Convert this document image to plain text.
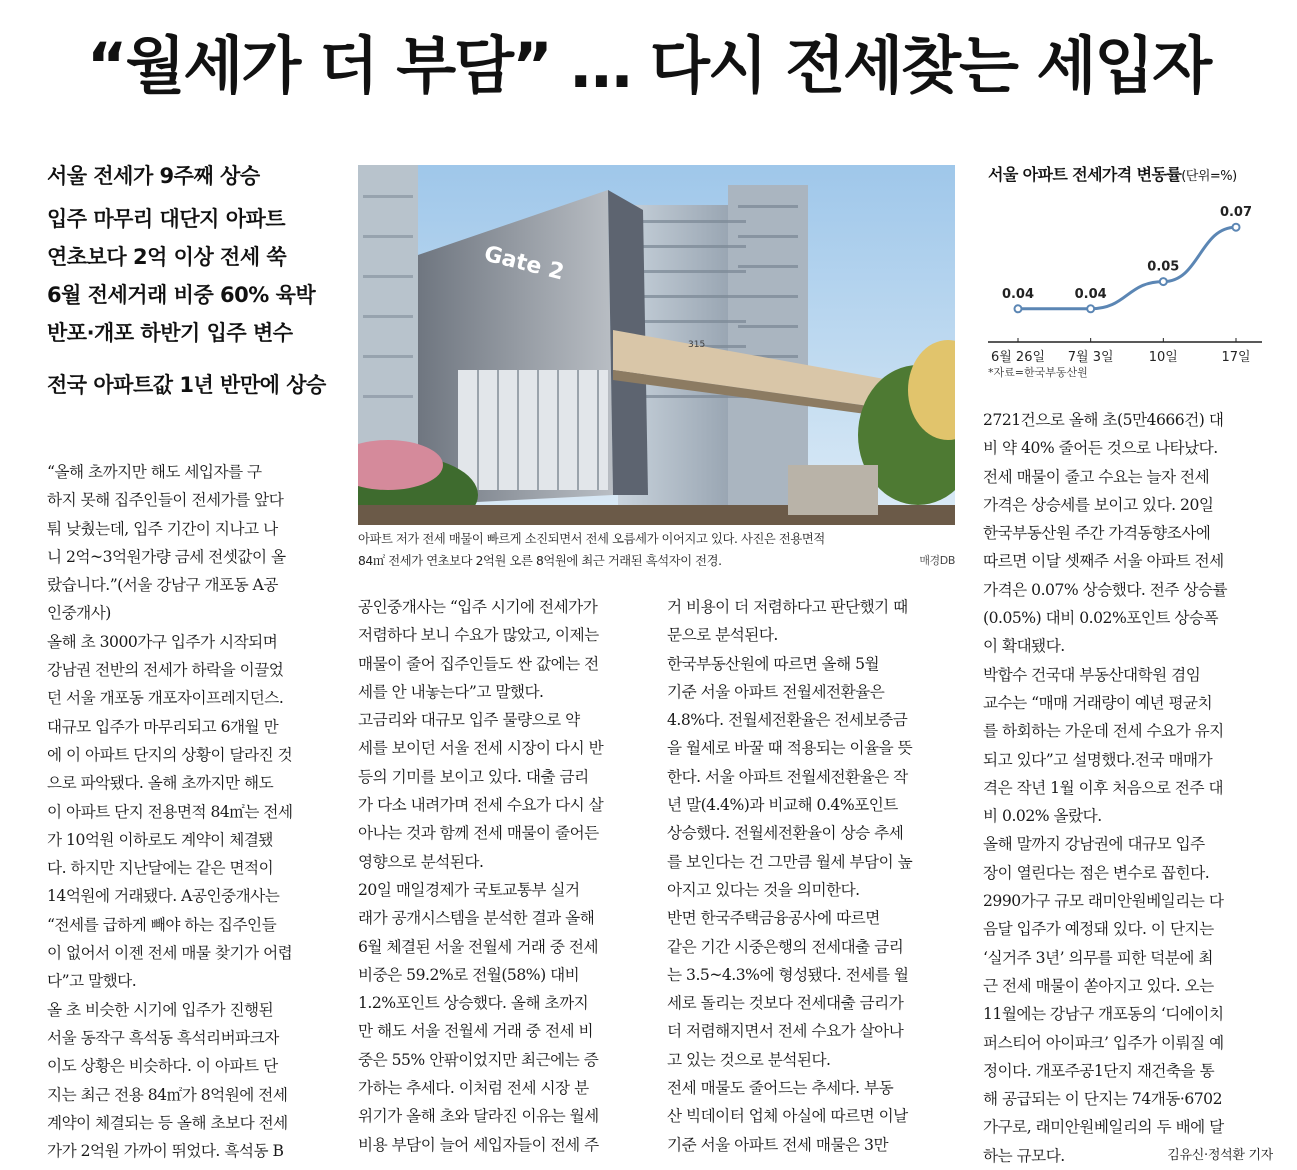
“월세가 더 부담” … 다시 전세찾는 세입자
서울 전세가 9주째 상승
입주 마무리 대단지 아파트
연초보다 2억 이상 전세 쑥
6월 전세거래 비중 60% 육박
반포·개포 하반기 입주 변수
전국 아파트값 1년 반만에 상승
Gate 2
315
아파트 저가 전세 매물이 빠르게 소진되면서 전세 오름세가 이어지고 있다. 사진은 전용면적
84㎡ 전세가 연초보다 2억원 오른 8억원에 최근 거래된 흑석자이 전경.	매경DB
0.04
6월 26일
0.04
7월 3일
0.05
10일
0.07
17일
서울 아파트 전세가격 변동률(단위=%)
*자료=한국부동산원
“올해 초까지만 해도 세입자를 구
하지 못해 집주인들이 전세가를 앞다
퉈 낮췄는데, 입주 기간이 지나고 나
니 2억~3억원가량 금세 전셋값이 올
랐습니다.”(서울 강남구 개포동 A공
인중개사)
올해 초 3000가구 입주가 시작되며
강남권 전반의 전세가 하락을 이끌었
던 서울 개포동 개포자이프레지던스.
대규모 입주가 마무리되고 6개월 만
에 이 아파트 단지의 상황이 달라진 것
으로 파악됐다. 올해 초까지만 해도
이 아파트 단지 전용면적 84㎡는 전세
가 10억원 이하로도 계약이 체결됐
다. 하지만 지난달에는 같은 면적이
14억원에 거래됐다. A공인중개사는
“전세를 급하게 빼야 하는 집주인들
이 없어서 이젠 전세 매물 찾기가 어렵
다”고 말했다.
올 초 비슷한 시기에 입주가 진행된
서울 동작구 흑석동 흑석리버파크자
이도 상황은 비슷하다. 이 아파트 단
지는 최근 전용 84㎡가 8억원에 전세
계약이 체결되는 등 올해 초보다 전세
가가 2억원 가까이 뛰었다. 흑석동 B
공인중개사는 “입주 시기에 전세가가
저렴하다 보니 수요가 많았고, 이제는
매물이 줄어 집주인들도 싼 값에는 전
세를 안 내놓는다”고 말했다.
고금리와 대규모 입주 물량으로 약
세를 보이던 서울 전세 시장이 다시 반
등의 기미를 보이고 있다. 대출 금리
가 다소 내려가며 전세 수요가 다시 살
아나는 것과 함께 전세 매물이 줄어든
영향으로 분석된다.
20일 매일경제가 국토교통부 실거
래가 공개시스템을 분석한 결과 올해
6월 체결된 서울 전월세 거래 중 전세
비중은 59.2%로 전월(58%) 대비
1.2%포인트 상승했다. 올해 초까지
만 해도 서울 전월세 거래 중 전세 비
중은 55% 안팎이었지만 최근에는 증
가하는 추세다. 이처럼 전세 시장 분
위기가 올해 초와 달라진 이유는 월세
비용 부담이 늘어 세입자들이 전세 주
거 비용이 더 저렴하다고 판단했기 때
문으로 분석된다.
한국부동산원에 따르면 올해 5월
기준 서울 아파트 전월세전환율은
4.8%다. 전월세전환율은 전세보증금
을 월세로 바꿀 때 적용되는 이율을 뜻
한다. 서울 아파트 전월세전환율은 작
년 말(4.4%)과 비교해 0.4%포인트
상승했다. 전월세전환율이 상승 추세
를 보인다는 건 그만큼 월세 부담이 높
아지고 있다는 것을 의미한다.
반면 한국주택금융공사에 따르면
같은 기간 시중은행의 전세대출 금리
는 3.5~4.3%에 형성됐다. 전세를 월
세로 돌리는 것보다 전세대출 금리가
더 저렴해지면서 전세 수요가 살아나
고 있는 것으로 분석된다.
전세 매물도 줄어드는 추세다. 부동
산 빅데이터 업체 아실에 따르면 이날
기준 서울 아파트 전세 매물은 3만
2721건으로 올해 초(5만4666건) 대
비 약 40% 줄어든 것으로 나타났다.
전세 매물이 줄고 수요는 늘자 전세
가격은 상승세를 보이고 있다. 20일
한국부동산원 주간 가격동향조사에
따르면 이달 셋째주 서울 아파트 전세
가격은 0.07% 상승했다. 전주 상승률
(0.05%) 대비 0.02%포인트 상승폭
이 확대됐다.
박합수 건국대 부동산대학원 겸임
교수는 “매매 거래량이 예년 평균치
를 하회하는 가운데 전세 수요가 유지
되고 있다”고 설명했다.전국 매매가
격은 작년 1월 이후 처음으로 전주 대
비 0.02% 올랐다.
올해 말까지 강남권에 대규모 입주
장이 열린다는 점은 변수로 꼽힌다.
2990가구 규모 래미안원베일리는 다
음달 입주가 예정돼 있다. 이 단지는
‘실거주 3년’ 의무를 피한 덕분에 최
근 전세 매물이 쏟아지고 있다. 오는
11월에는 강남구 개포동의 ‘디에이치
퍼스티어 아이파크’ 입주가 이뤄질 예
정이다. 개포주공1단지 재건축을 통
해 공급되는 이 단지는 74개동·6702
가구로, 래미안원베일리의 두 배에 달
하는 규모다.	김유신·정석환 기자
